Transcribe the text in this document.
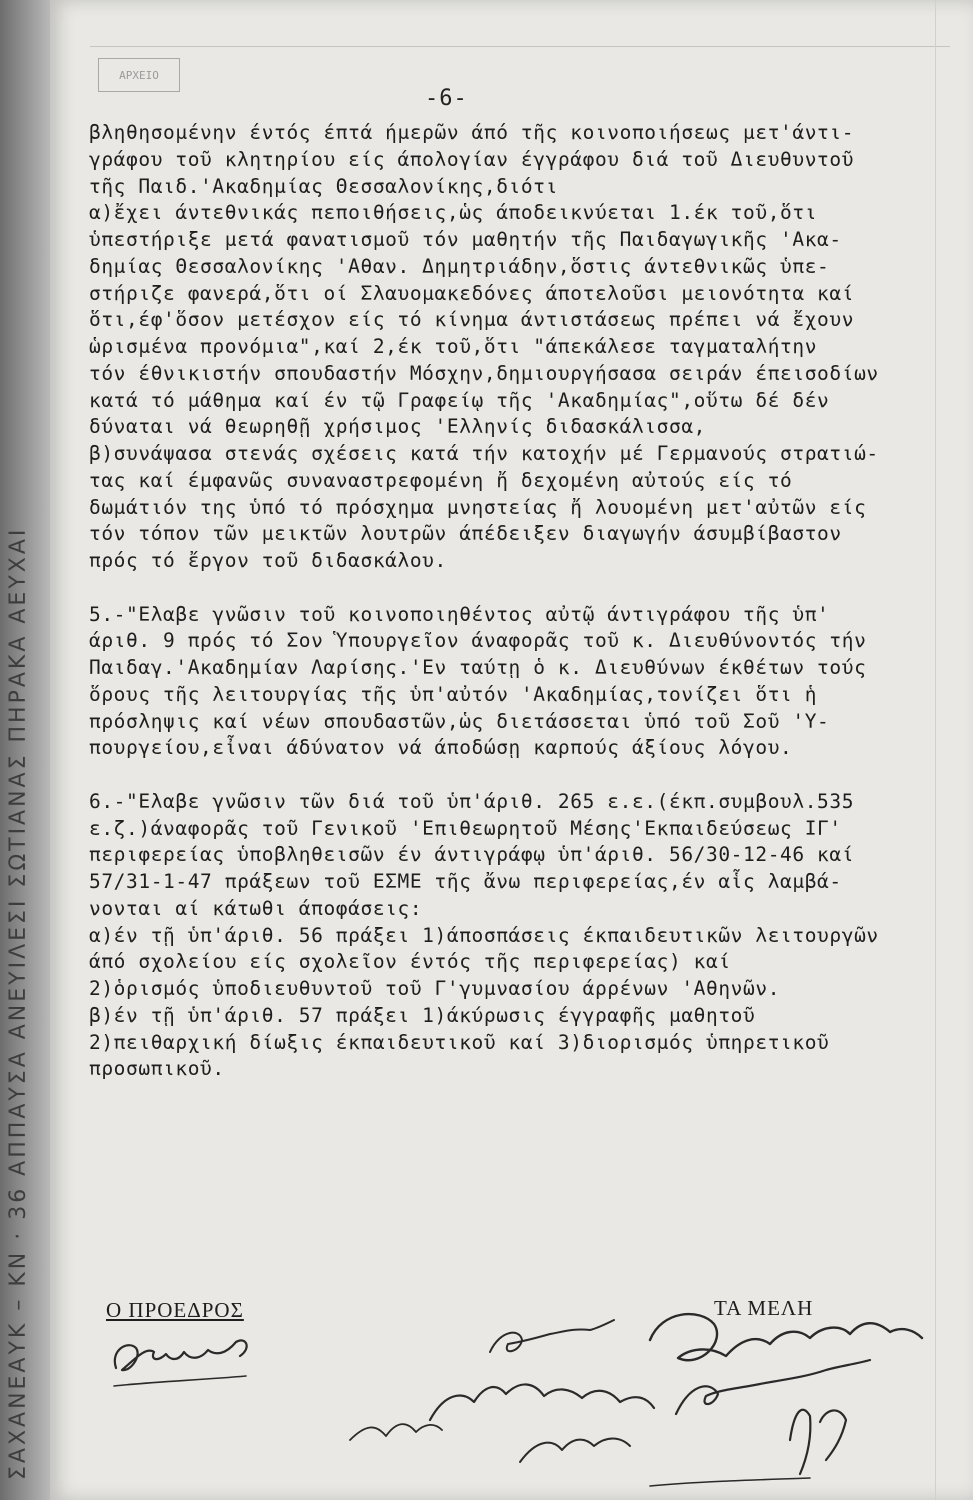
ΣΑΧΑΝΕΑΥΚ – ΚΝ · 36 ΑΠΠΑΥΣΑ ΑΝΕΥΙΛΕΣΙ ΣΩΤΙΑΝΑΣ ΠΗΡΑΚΑ ΑΕΥΧΑΙ
ΑΡΧΕΙΟ
-6-
βληθησομένην έντός έπτά ήμερῶν άπό τῆς κοινοποιήσεως μετ'άντι-
γράφου τοῦ κλητηρίου είς άπολογίαν έγγράφου διά τοῦ Διευθυντοῦ
τῆς Παιδ.'Ακαδημίας Θεσσαλονίκης,διότι
α)ἔχει άντεθνικάς πεποιθήσεις,ὡς άποδεικνύεται 1.έκ τοῦ,ὅτι
ὑπεστήριξε μετά φανατισμοῦ τόν μαθητήν τῆς Παιδαγωγικῆς 'Ακα-
δημίας Θεσσαλονίκης 'Αθαν. Δημητριάδην,ὅστις άντεθνικῶς ὑπε-
στήριζε φανερά,ὅτι οί Σλαυομακεδόνες άποτελοῦσι μειονότητα καί
ὅτι,έφ'ὅσον μετέσχον είς τό κίνημα άντιστάσεως πρέπει νά ἔχουν
ὡρισμένα προνόμια",καί 2,έκ τοῦ,ὅτι "άπεκάλεσε ταγματαλήτην
τόν έθνικιστήν σπουδαστήν Μόσχην,δημιουργήσασα σειράν έπεισοδίων
κατά τό μάθημα καί έν τῷ Γραφείῳ τῆς 'Ακαδημίας",οὕτω δέ δέν
δύναται νά θεωρηθῇ χρήσιμος 'Ελληνίς διδασκάλισσα,
β)συνάψασα στενάς σχέσεις κατά τήν κατοχήν μέ Γερμανούς στρατιώ-
τας καί έμφανῶς συναναστρεφομένη ἤ δεχομένη αὐτούς είς τό
δωμάτιόν της ὑπό τό πρόσχημα μνηστείας ἤ λουομένη μετ'αὐτῶν είς
τόν τόπον τῶν μεικτῶν λουτρῶν άπέδειξεν διαγωγήν άσυμβίβαστον
πρός τό ἔργον τοῦ διδασκάλου.
5.-"Ελαβε γνῶσιν τοῦ κοινοποιηθέντος αὐτῷ άντιγράφου τῆς ὑπ'
άριθ. 9 πρός τό Σον Ὑπουργεῖον άναφορᾶς τοῦ κ. Διευθύνοντός τήν
Παιδαγ.'Ακαδημίαν Λαρίσης.'Εν ταύτῃ ὁ κ. Διευθύνων έκθέτων τούς
ὅρους τῆς λειτουργίας τῆς ὑπ'αὐτόν 'Ακαδημίας,τονίζει ὅτι ἡ
πρόσληψις καί νέων σπουδαστῶν,ὡς διετάσσεται ὑπό τοῦ Σοῦ 'Υ-
πουργείου,εἶναι άδύνατον νά άποδώσῃ καρπούς άξίους λόγου.
6.-"Ελαβε γνῶσιν τῶν διά τοῦ ὑπ'άριθ. 265 ε.ε.(έκπ.συμβουλ.535
ε.ζ.)άναφορᾶς τοῦ Γενικοῦ 'Επιθεωρητοῦ Μέσης'Εκπαιδεύσεως ΙΓ'
περιφερείας ὑποβληθεισῶν έν άντιγράφῳ ὑπ'άριθ. 56/30-12-46 καί
57/31-1-47 πράξεων τοῦ ΕΣΜΕ τῆς ἄνω περιφερείας,έν αἷς λαμβά-
νονται αί κάτωθι άποφάσεις:
α)έν τῇ ὑπ'άριθ. 56 πράξει 1)άποσπάσεις έκπαιδευτικῶν λειτουργῶν
άπό σχολείου είς σχολεῖον έντός τῆς περιφερείας) καί
2)ὁρισμός ὑποδιευθυντοῦ τοῦ Γ'γυμνασίου άρρένων 'Αθηνῶν.
β)έν τῇ ὑπ'άριθ. 57 πράξει 1)άκύρωσις έγγραφῆς μαθητοῦ
2)πειθαρχική δίωξις έκπαιδευτικοῦ καί 3)διορισμός ὑπηρετικοῦ
προσωπικοῦ.
Ο ΠΡΟΕΔΡΟΣ	ΤΑ ΜΕΛΗ
